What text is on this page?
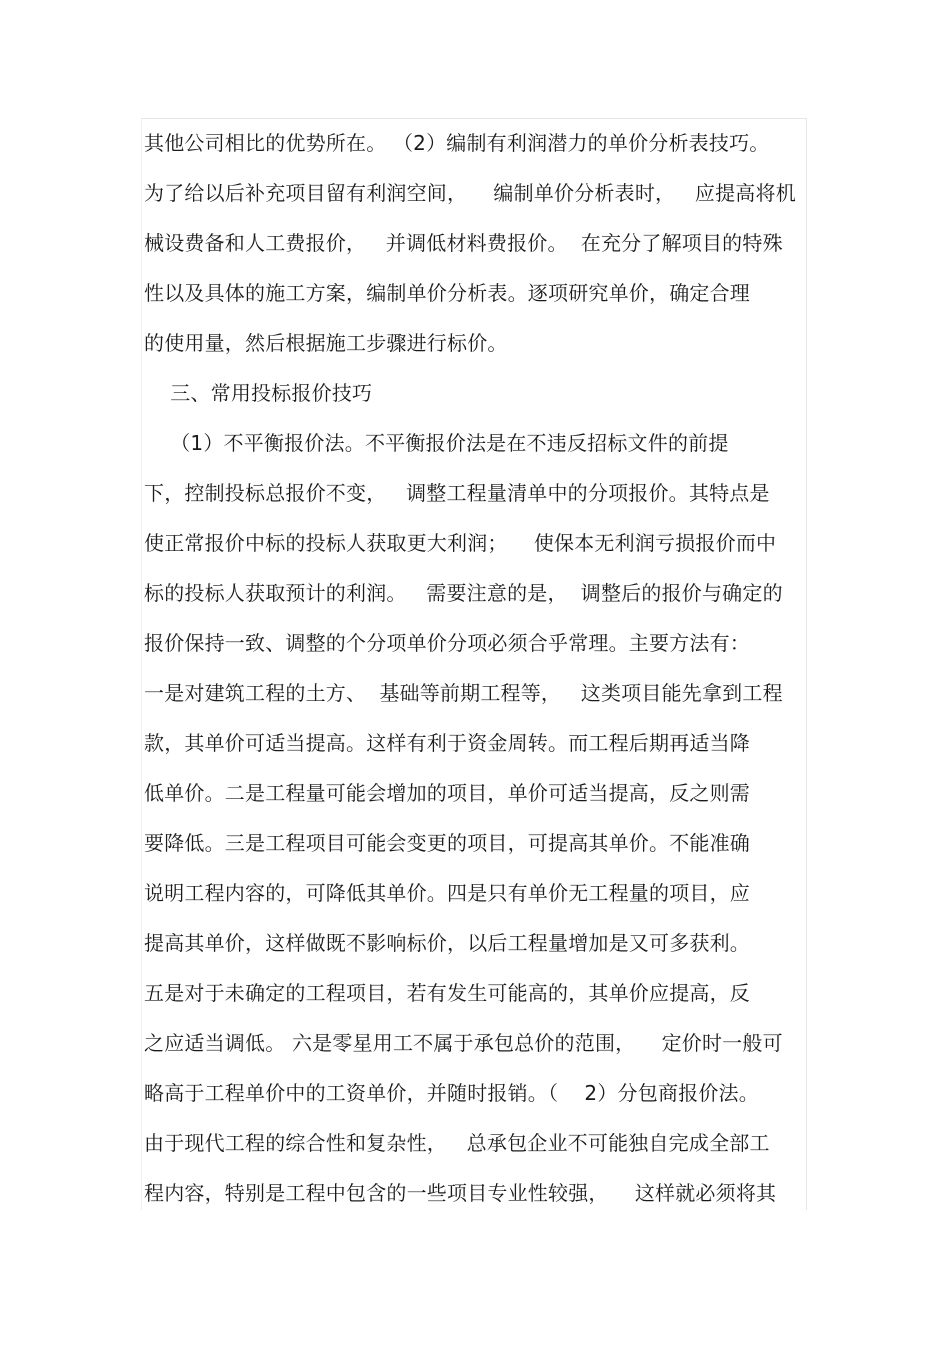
其他公司相比的优势所在。 （2）编制有利润潜力的单价分析表技巧。
为了给以后补充项目留有利润空间，    编制单价分析表时，   应提高将机
械设费备和人工费报价，   并调低材料费报价。  在充分了解项目的特殊
性以及具体的施工方案，编制单价分析表。逐项研究单价，确定合理
的使用量，然后根据施工步骤进行标价。
三、常用投标报价技巧
（1）不平衡报价法。不平衡报价法是在不违反招标文件的前提
下，控制投标总报价不变，   调整工程量清单中的分项报价。其特点是
使正常报价中标的投标人获取更大利润；    使保本无利润亏损报价而中
标的投标人获取预计的利润。   需要注意的是，  调整后的报价与确定的
报价保持一致、调整的个分项单价分项必须合乎常理。主要方法有：
一是对建筑工程的土方、  基础等前期工程等，   这类项目能先拿到工程
款，其单价可适当提高。这样有利于资金周转。而工程后期再适当降
低单价。二是工程量可能会增加的项目，单价可适当提高，反之则需
要降低。三是工程项目可能会变更的项目，可提高其单价。不能准确
说明工程内容的，可降低其单价。四是只有单价无工程量的项目，应
提高其单价，这样做既不影响标价，以后工程量增加是又可多获利。
五是对于未确定的工程项目，若有发生可能高的，其单价应提高，反
之应适当调低。 六是零星用工不属于承包总价的范围，    定价时一般可
略高于工程单价中的工资单价，并随时报销。（    2）分包商报价法。
由于现代工程的综合性和复杂性，   总承包企业不可能独自完成全部工
程内容，特别是工程中包含的一些项目专业性较强，    这样就必须将其
